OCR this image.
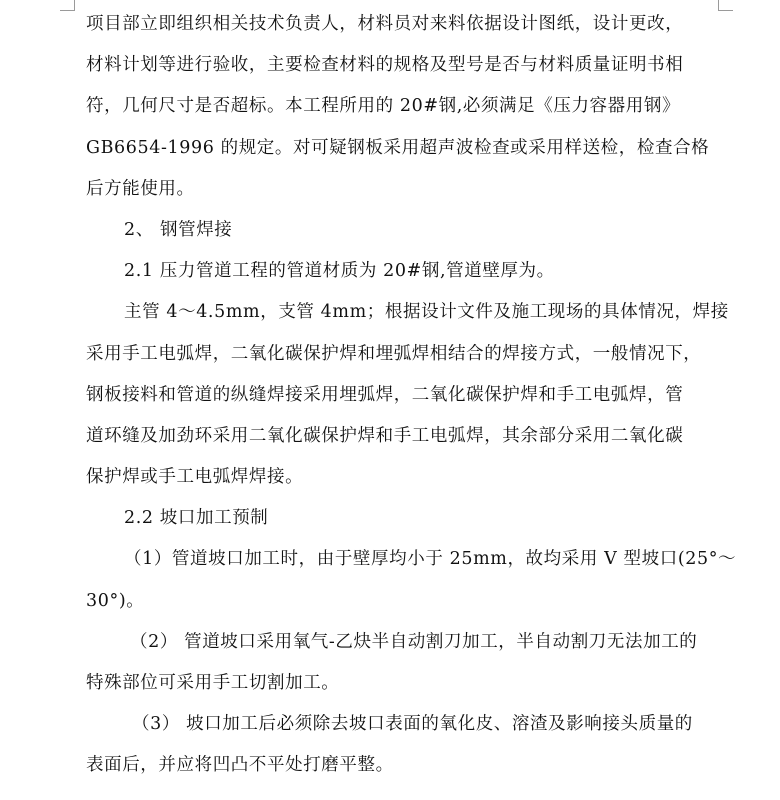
项目部立即组织相关技术负责人，材料员对来料依据设计图纸，设计更改，
材料计划等进行验收，主要检查材料的规格及型号是否与材料质量证明书相
符，几何尺寸是否超标。本工程所用的 20#钢,必须满足《压力容器用钢》
GB6654-1996 的规定。对可疑钢板采用超声波检查或采用样送检，检查合格
后方能使用。
2、 钢管焊接
2.1 压力管道工程的管道材质为 20#钢,管道壁厚为。
主管 4～4.5mm，支管 4mm；根据设计文件及施工现场的具体情况，焊接
采用手工电弧焊，二氧化碳保护焊和埋弧焊相结合的焊接方式，一般情况下，
钢板接料和管道的纵缝焊接采用埋弧焊，二氧化碳保护焊和手工电弧焊，管
道环缝及加劲环采用二氧化碳保护焊和手工电弧焊，其余部分采用二氧化碳
保护焊或手工电弧焊焊接。
2.2 坡口加工预制
（1）管道坡口加工时，由于壁厚均小于 25mm，故均采用 V 型坡口(25°～
30°)。
（2） 管道坡口采用氧气-乙炔半自动割刀加工，半自动割刀无法加工的
特殊部位可采用手工切割加工。
（3） 坡口加工后必须除去坡口表面的氧化皮、溶渣及影响接头质量的
表面后，并应将凹凸不平处打磨平整。
